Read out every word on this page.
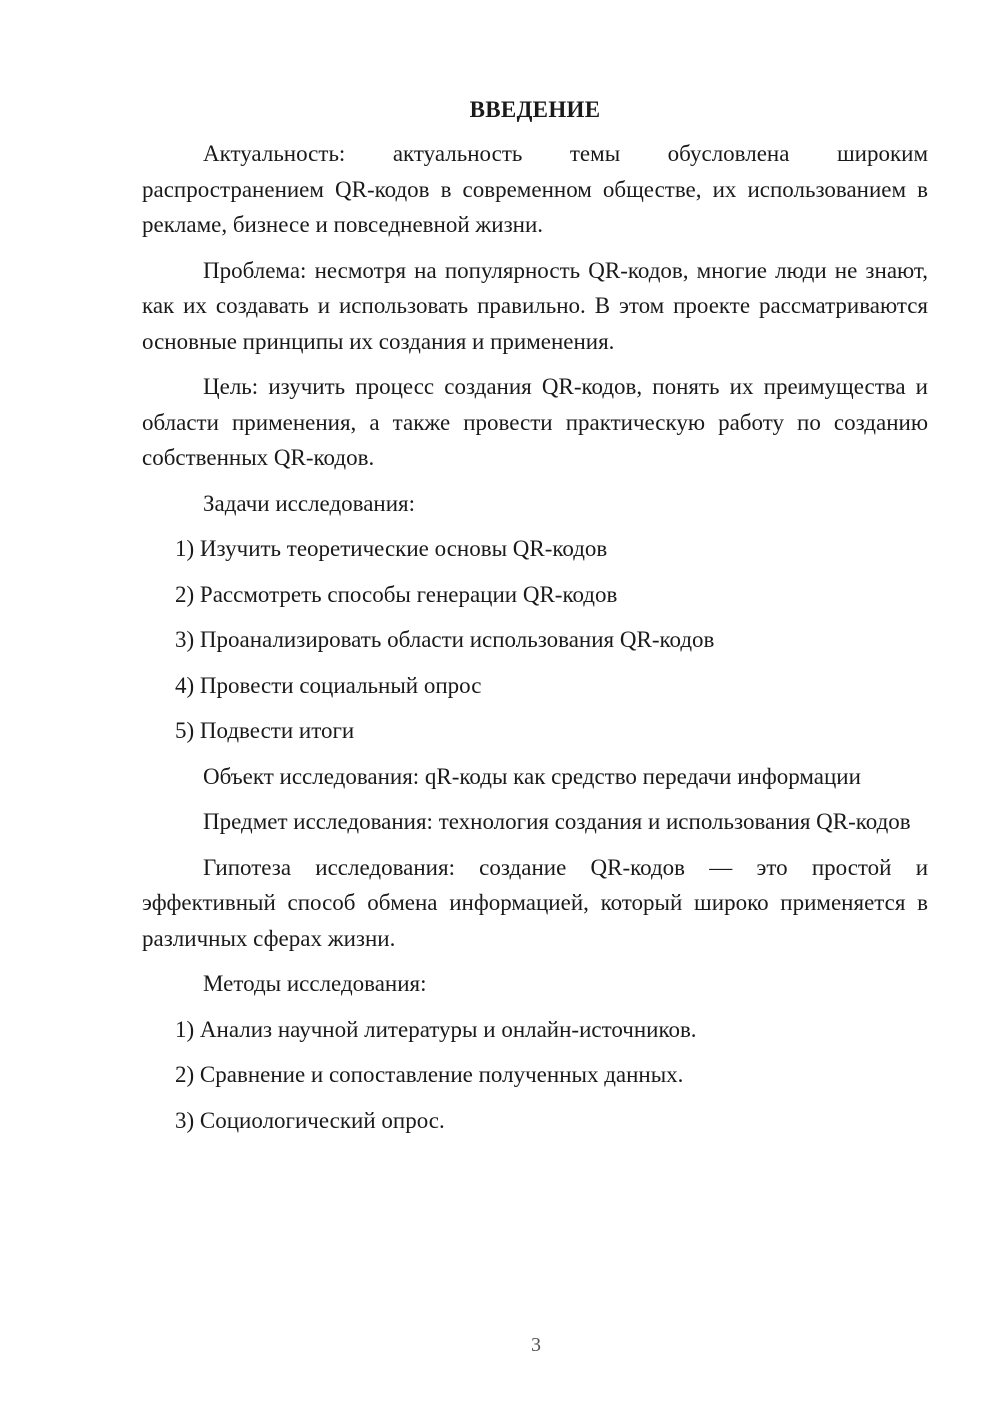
ВВЕДЕНИЕ

Актуальность: актуальность темы обусловлена широким распространением QR-кодов в современном обществе, их использованием в рекламе, бизнесе и повседневной жизни.

Проблема: несмотря на популярность QR-кодов, многие люди не знают, как их создавать и использовать правильно. В этом проекте рассматриваются основные принципы их создания и применения.

Цель: изучить процесс создания QR-кодов, понять их преимущества и области применения, а также провести практическую работу по созданию собственных QR-кодов.

Задачи исследования:
1) Изучить теоретические основы QR-кодов
2) Рассмотреть способы генерации QR-кодов
3) Проанализировать области использования QR-кодов
4) Провести социальный опрос
5) Подвести итоги
Объект исследования: qR-коды как средство передачи информации

Предмет исследования: технология создания и использования QR-кодов

Гипотеза исследования: создание QR-кодов — это простой и эффективный способ обмена информацией, который широко применяется в различных сферах жизни.

Методы исследования:
1) Анализ научной литературы и онлайн-источников.
2) Сравнение и сопоставление полученных данных.
3) Социологический опрос.
3
